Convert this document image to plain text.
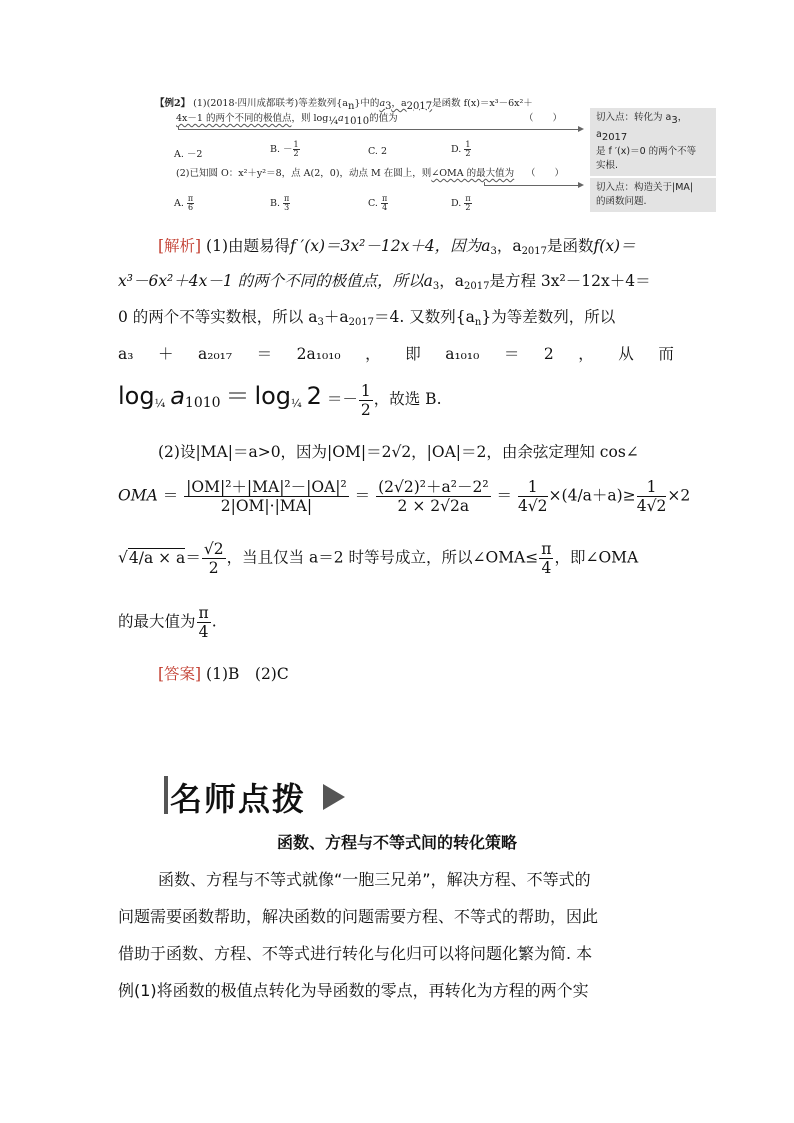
【例2】 (1)(2018·四川成都联考)等差数列$\{a_n\}$中的$a_3$，$a_{2017}$是函数 f(x)＝x³－6x²＋
4x－1 的两个不同的极值点，则 $\log_{\frac{1}{4}}a_{1010}$的值为	（　　）	切入点：转化为 $a_3$，$a_{2017}$
是 f ′(x)＝0 的两个不等
实根.
A. －2	B. － $\frac{1}{2}$	C. 2	D. $\frac{1}{2}$
(2)已知圆 O：x²＋y²＝8，点 A(2，0)，动点 M 在圆上，则∠OMA 的最大值为 （　　）
切入点：构造关于|MA|
的函数问题.
A. $\frac{\pi}{6}$	B. $\frac{\pi}{3}$	C. $\frac{\pi}{4}$	D. $\frac{\pi}{2}$
[解析] (1)由题易得f ′(x)＝3x²－12x＋4，因为$a_3$，$a_{2017}$是函数f(x)＝
x³－6x²＋4x－1 的两个不同的极值点，所以$a_3$，$a_{2017}$是方程 3x²－12x＋4＝
0 的两个不等实数根，所以 $a_3+a_{2017}=4$. 又数列$\{a_n\}$为等差数列，所以
a₃ ＋ a₂₀₁₇ ＝ 2a₁₀₁₀ ， 即 a₁₀₁₀ ＝ 2 ， 从 而
$\log_{\frac{1}{4}} a_{1010} = \log_{\frac{1}{4}} 2 =- \frac{1}{2}$ ，故选 B.
(2)设|MA|＝a>0，因为|OM|＝2√2，|OA|＝2，由余弦定理知 cos∠
OMA ＝ $\frac{\text{|OM|²＋|MA|²－|OA|²}}{2|OM|\cdot|MA|} = \frac{\text{(2√2)²＋a²－2²}}{2 \times 2√2a} = \frac{1}{4√2} \times(4/a+a)\ge \frac{1}{4√2} \times 2$
$√4/a \times a= \frac{√2}{2}$ ，当且仅当 a＝2 时等号成立，所以∠OMA≤ $\frac{\pi}{4}$ ，即∠OMA
的最大值为 $\frac{\pi}{4}$ .
[答案] (1)B　(2)C
名师点拨
函数、方程与不等式间的转化策略
函数、方程与不等式就像“一胞三兄弟”，解决方程、不等式的
问题需要函数帮助，解决函数的问题需要方程、不等式的帮助，因此
借助于函数、方程、不等式进行转化与化归可以将问题化繁为简. 本
例(1)将函数的极值点转化为导函数的零点，再转化为方程的两个实
